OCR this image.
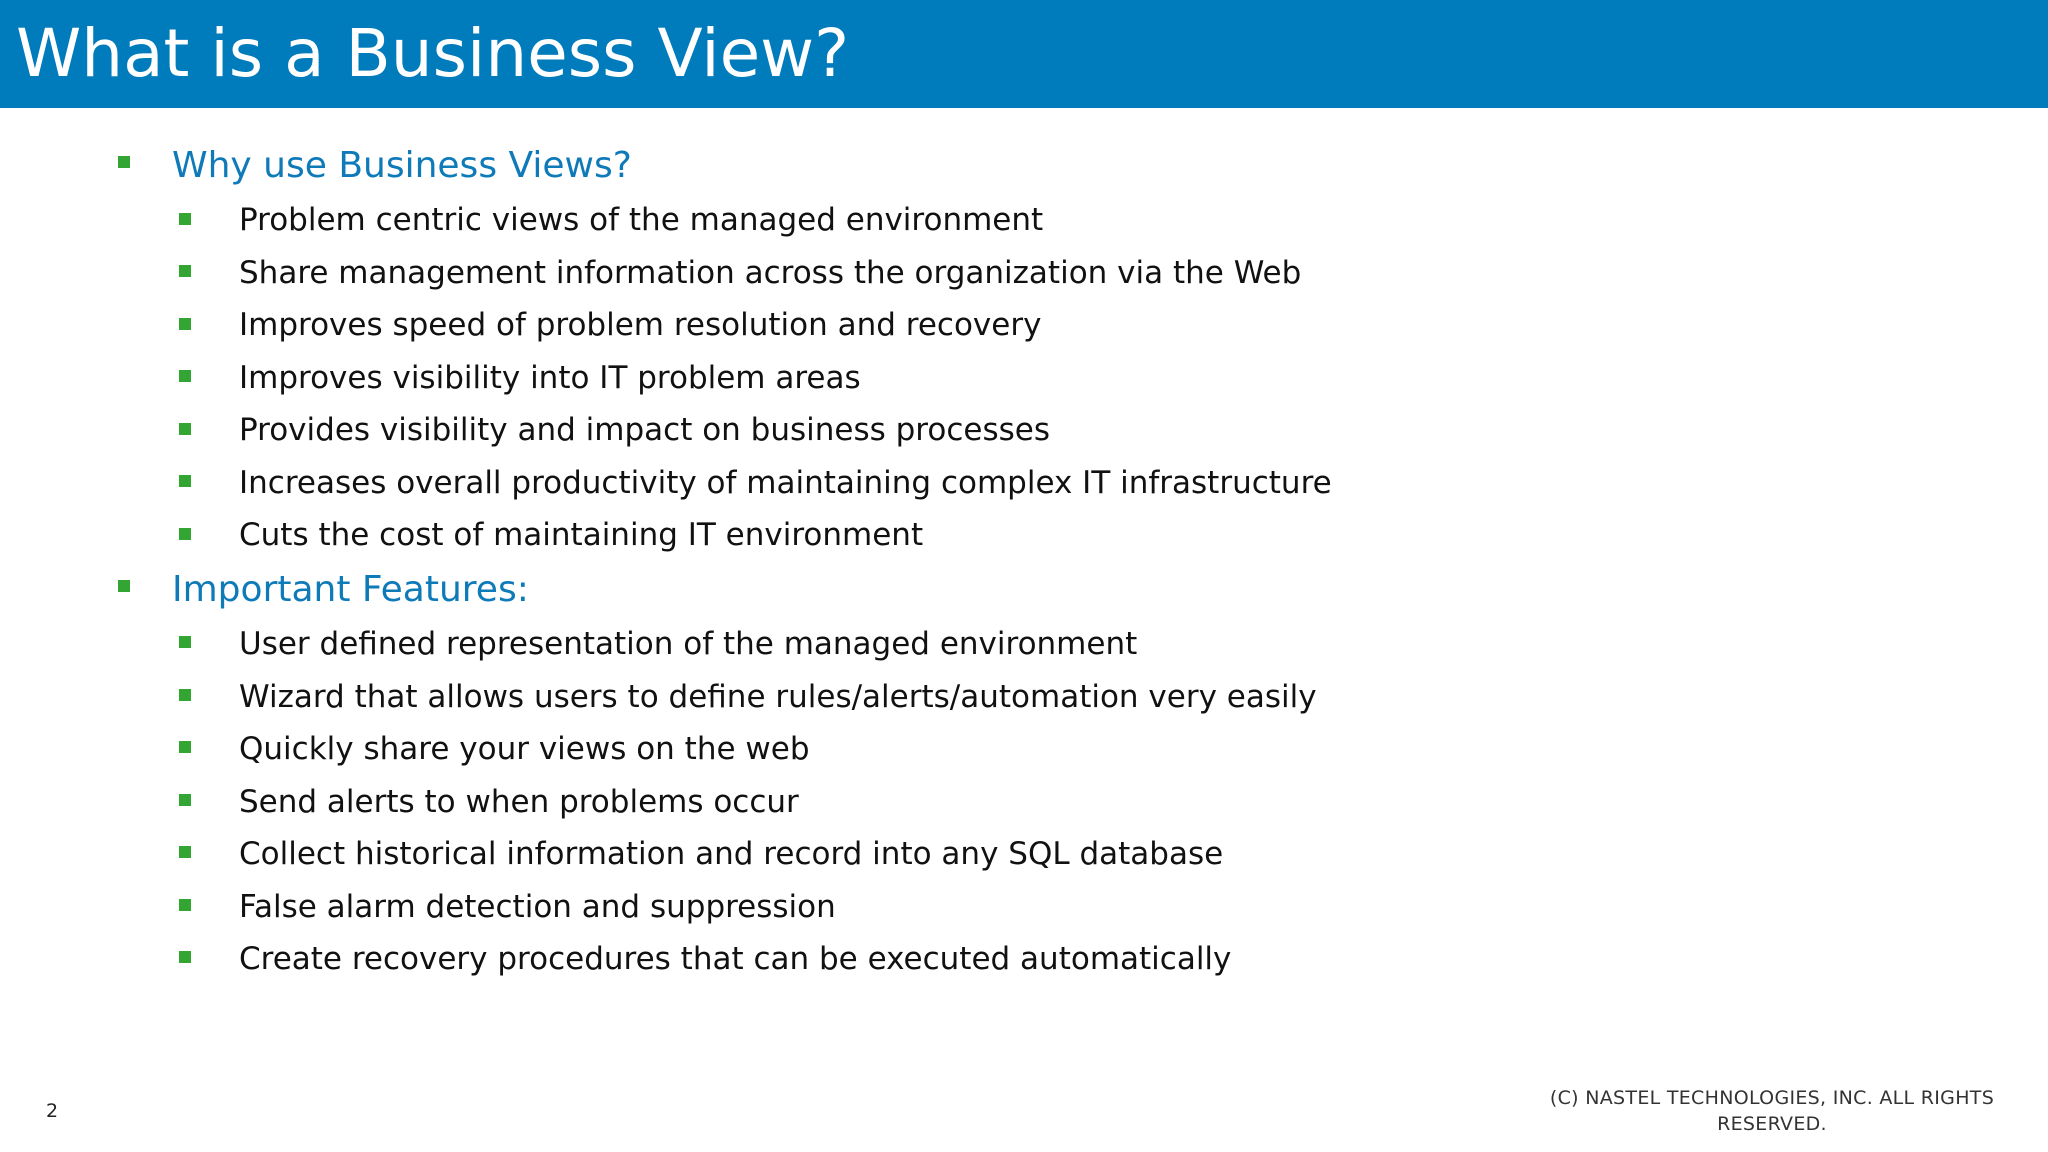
What is a Business View?
Why use Business Views?
Problem centric views of the managed environment
Share management information across the organization via the Web
Improves speed of problem resolution and recovery
Improves visibility into IT problem areas
Provides visibility and impact on business processes
Increases overall productivity of maintaining complex IT infrastructure
Cuts the cost of maintaining IT environment
Important Features:
User defined representation of the managed environment
Wizard that allows users to define rules/alerts/automation very easily
Quickly share your views on the web
Send alerts to when problems occur
Collect historical information and record into any SQL database
False alarm detection and suppression
Create recovery procedures that can be executed automatically
2
(C) NASTEL TECHNOLOGIES, INC. ALL RIGHTS
RESERVED.
